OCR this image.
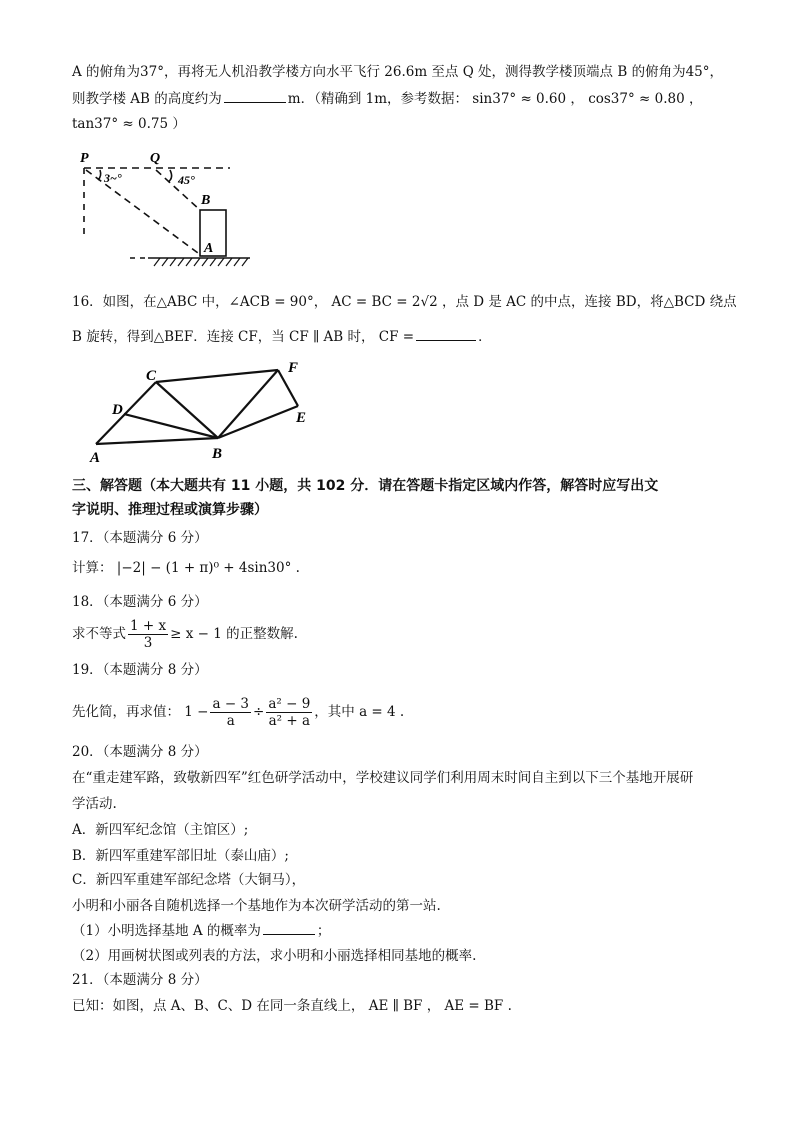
A 的俯角为37°，再将无人机沿教学楼方向水平飞行 26.6m 至点 Q 处，测得教学楼顶端点 B 的俯角为45°，
则教学楼 AB 的高度约为	m．（精确到 1m，参考数据： sin37° ≈ 0.60 ， cos37° ≈ 0.80 ，
tan37° ≈ 0.75 ）
P	Q
3~°	45°
B
A
16．如图，在△ABC 中，∠ACB = 90°， AC = BC = 2√2 ，点 D 是 AC 的中点，连接 BD，将△BCD 绕点
B 旋转，得到△BEF．连接 CF，当 CF ∥ AB 时， CF =	．
C	F
D	E
A	B
三、解答题（本大题共有 11 小题，共 102 分．请在答题卡指定区域内作答，解答时应写出文
字说明、推理过程或演算步骤）
17．（本题满分 6 分）
计算： |−2| − (1 + π)⁰ + 4sin30° .
18．（本题满分 6 分）
求不等式 $\frac{1 + x}{3} \ge x - 1$ 的正整数解.
19．（本题满分 8 分）
先化简，再求值： $1 - \frac{a - 3}{a} \div \frac{\text{a² − 9}}{\text{a² + a}}$ ，其中 a = 4 .
20．（本题满分 8 分）
在“重走建军路，致敬新四军”红色研学活动中，学校建议同学们利用周末时间自主到以下三个基地开展研
学活动.
A．新四军纪念馆（主馆区）;
B．新四军重建军部旧址（泰山庙）;
C．新四军重建军部纪念塔（大铜马），
小明和小丽各自随机选择一个基地作为本次研学活动的第一站.
（1）小明选择基地 A 的概率为	；
（2）用画树状图或列表的方法，求小明和小丽选择相同基地的概率.
21．（本题满分 8 分）
已知：如图，点 A、B、C、D 在同一条直线上， AE ∥ BF ， AE = BF .
